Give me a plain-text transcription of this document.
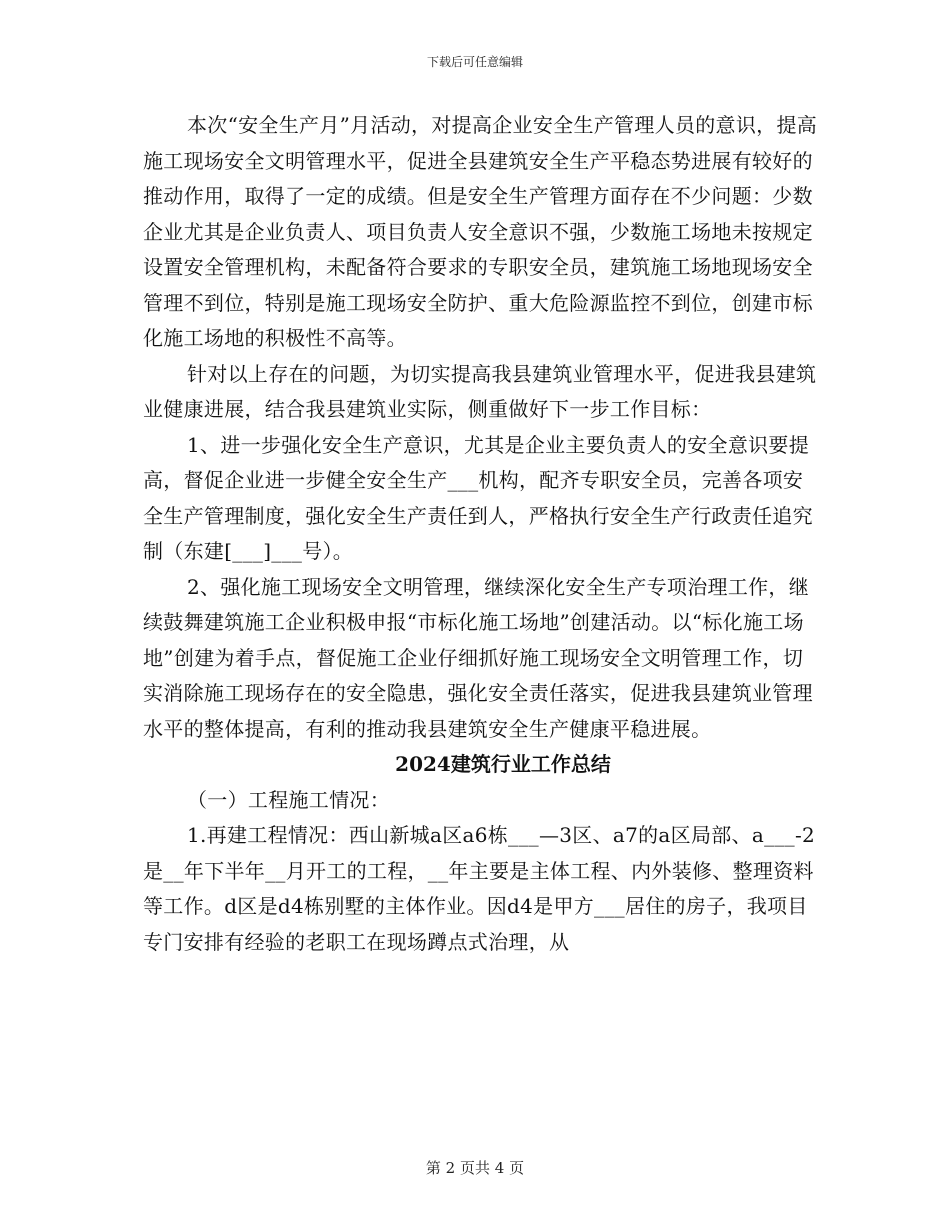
下载后可任意编辑

本次“安全生产月”月活动，对提高企业安全生产管理人员的意识，提高施工现场安全文明管理水平，促进全县建筑安全生产平稳态势进展有较好的推动作用，取得了一定的成绩。但是安全生产管理方面存在不少问题：少数企业尤其是企业负责人、项目负责人安全意识不强，少数施工场地未按规定设置安全管理机构，未配备符合要求的专职安全员，建筑施工场地现场安全管理不到位，特别是施工现场安全防护、重大危险源监控不到位，创建市标化施工场地的积极性不高等。

针对以上存在的问题，为切实提高我县建筑业管理水平，促进我县建筑业健康进展，结合我县建筑业实际，侧重做好下一步工作目标：

1、进一步强化安全生产意识，尤其是企业主要负责人的安全意识要提高，督促企业进一步健全安全生产___机构，配齐专职安全员，完善各项安全生产管理制度，强化安全生产责任到人，严格执行安全生产行政责任追究制（东建[___]___号）。

2、强化施工现场安全文明管理，继续深化安全生产专项治理工作，继续鼓舞建筑施工企业积极申报“市标化施工场地”创建活动。以“标化施工场地”创建为着手点，督促施工企业仔细抓好施工现场安全文明管理工作，切实消除施工现场存在的安全隐患，强化安全责任落实，促进我县建筑业管理水平的整体提高，有利的推动我县建筑安全生产健康平稳进展。

2024建筑行业工作总结

（一）工程施工情况：

1.再建工程情况：西山新城a区a6栋___—3区、a7的a区局部、a___-2是__年下半年__月开工的工程，__年主要是主体工程、内外装修、整理资料等工作。d区是d4栋别墅的主体作业。因d4是甲方___居住的房子，我项目专门安排有经验的老职工在现场蹲点式治理，从

第 2 页共 4 页
